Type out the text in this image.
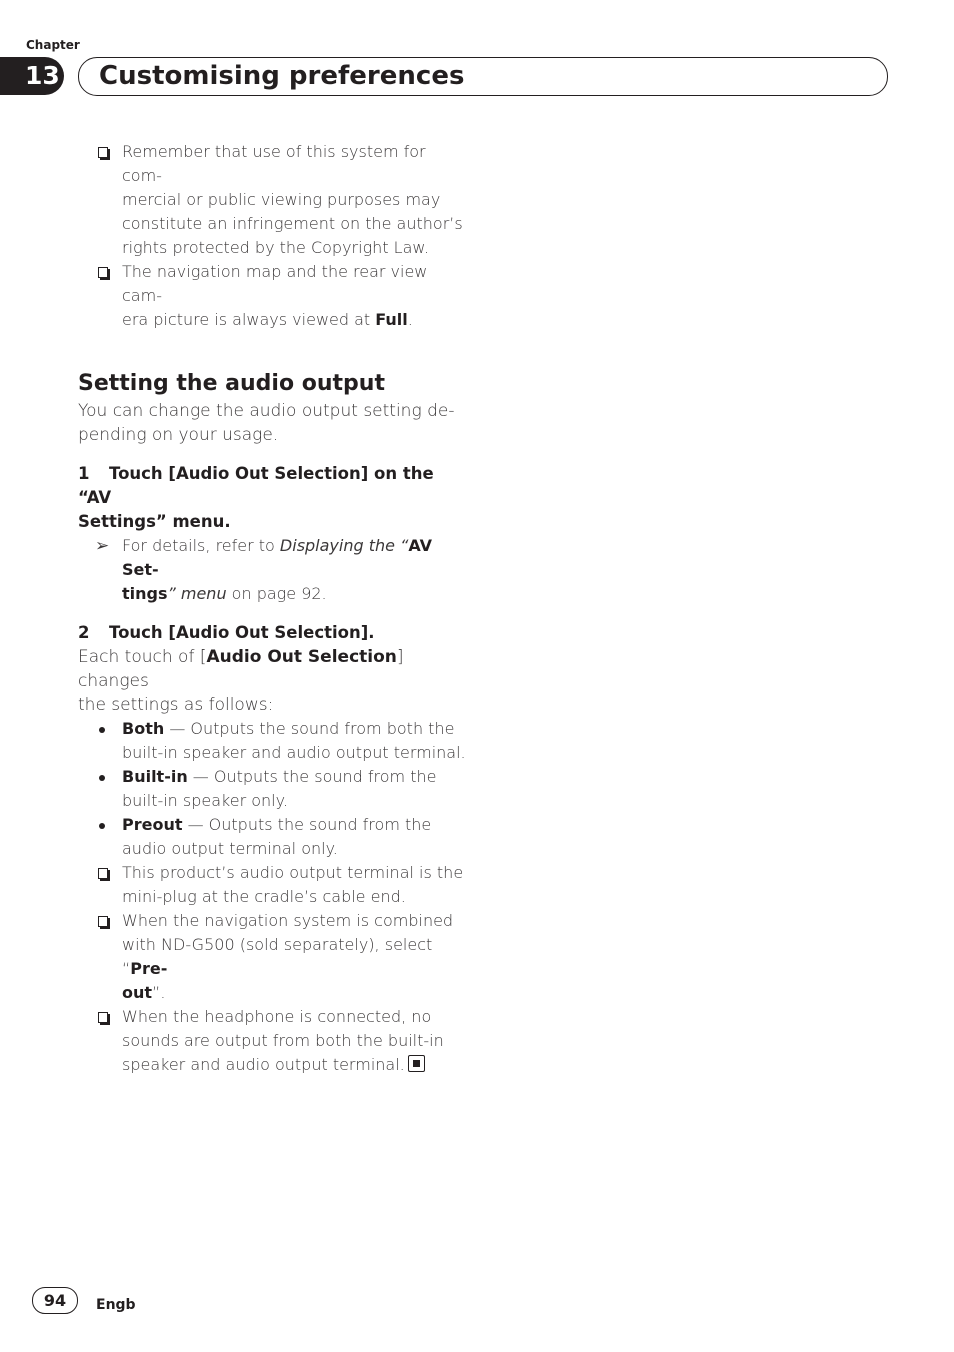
Chapter
13 Customising preferences
Remember that use of this system for com-
mercial or public viewing purposes may
constitute an infringement on the author’s
rights protected by the Copyright Law.
The navigation map and the rear view cam-
era picture is always viewed at Full.
Setting the audio output
You can change the audio output setting de-
pending on your usage.
1 Touch [Audio Out Selection] on the “AV
Settings” menu.
➢ For details, refer to Displaying the “AV Set-
tings” menu on page 92.
2 Touch [Audio Out Selection].
Each touch of [Audio Out Selection] changes
the settings as follows:
Both — Outputs the sound from both the
built-in speaker and audio output terminal.
Built-in — Outputs the sound from the
built-in speaker only.
Preout — Outputs the sound from the
audio output terminal only.
This product’s audio output terminal is the
mini-plug at the cradle’s cable end.
When the navigation system is combined
with ND-G500 (sold separately), select “Pre-
out”.
When the headphone is connected, no
sounds are output from both the built-in
speaker and audio output terminal.
94	Engb
